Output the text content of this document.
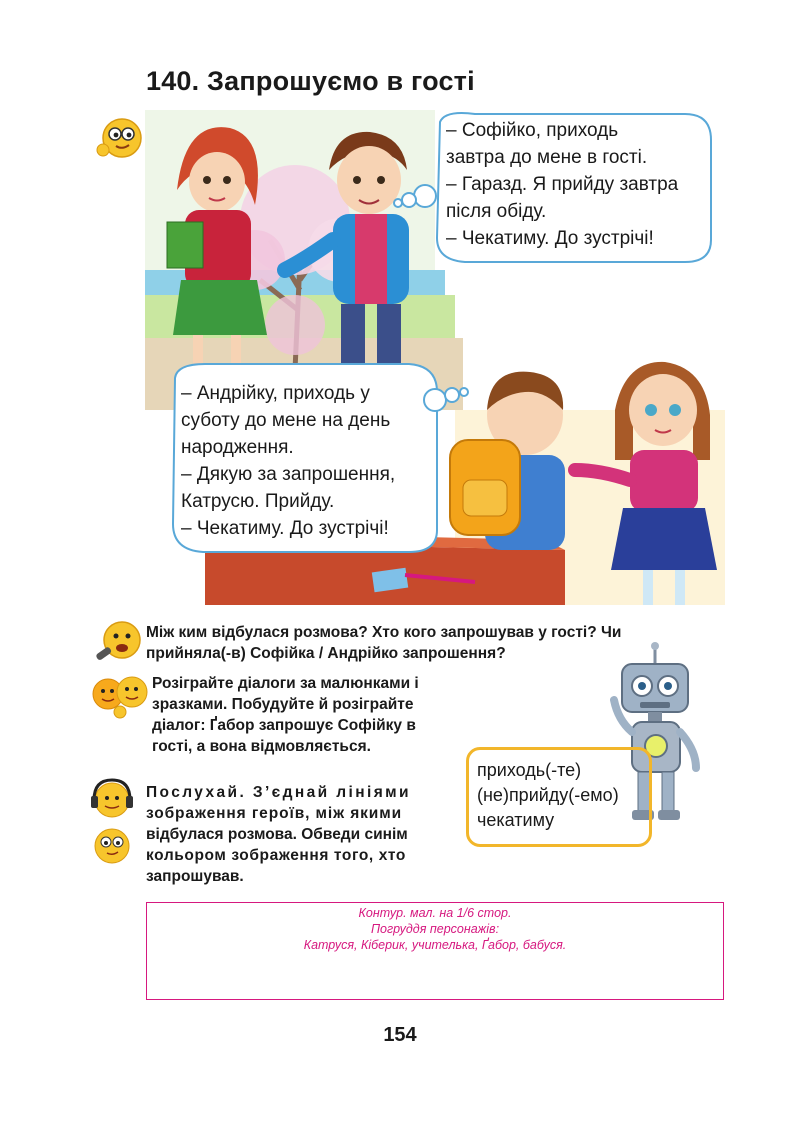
140. Запрошуємо в гості
– Софійко, приходь
завтра до мене в гості.
– Гаразд. Я прийду завтра
після обіду.
– Чекатиму. До зустрічі!
– Андрійку, приходь у
суботу до мене на день
народження.
– Дякую за запрошення,
Катрусю. Прийду.
– Чекатиму. До зустрічі!
Між ким відбулася розмова? Хто кого запрошував у гості? Чи
прийняла(-в) Софійка / Андрійко запрошення?
Розіграйте діалоги за малюнками і
зразками. Побудуйте й розіграйте
діалог: Ґабор запрошує Софійку в
гості, а вона відмовляється.
Послухай. З’єднай лініями
зображення героїв, між якими
відбулася розмова. Обведи синім
кольором зображення того, хто
запрошував.
приходь(-те)
(не)прийду(-емо)
чекатиму
Контур. мал. на 1/6 стор.
Погруддя персонажів:
Катруся, Кіберик, учителька, Ґабор, бабуся.
154
